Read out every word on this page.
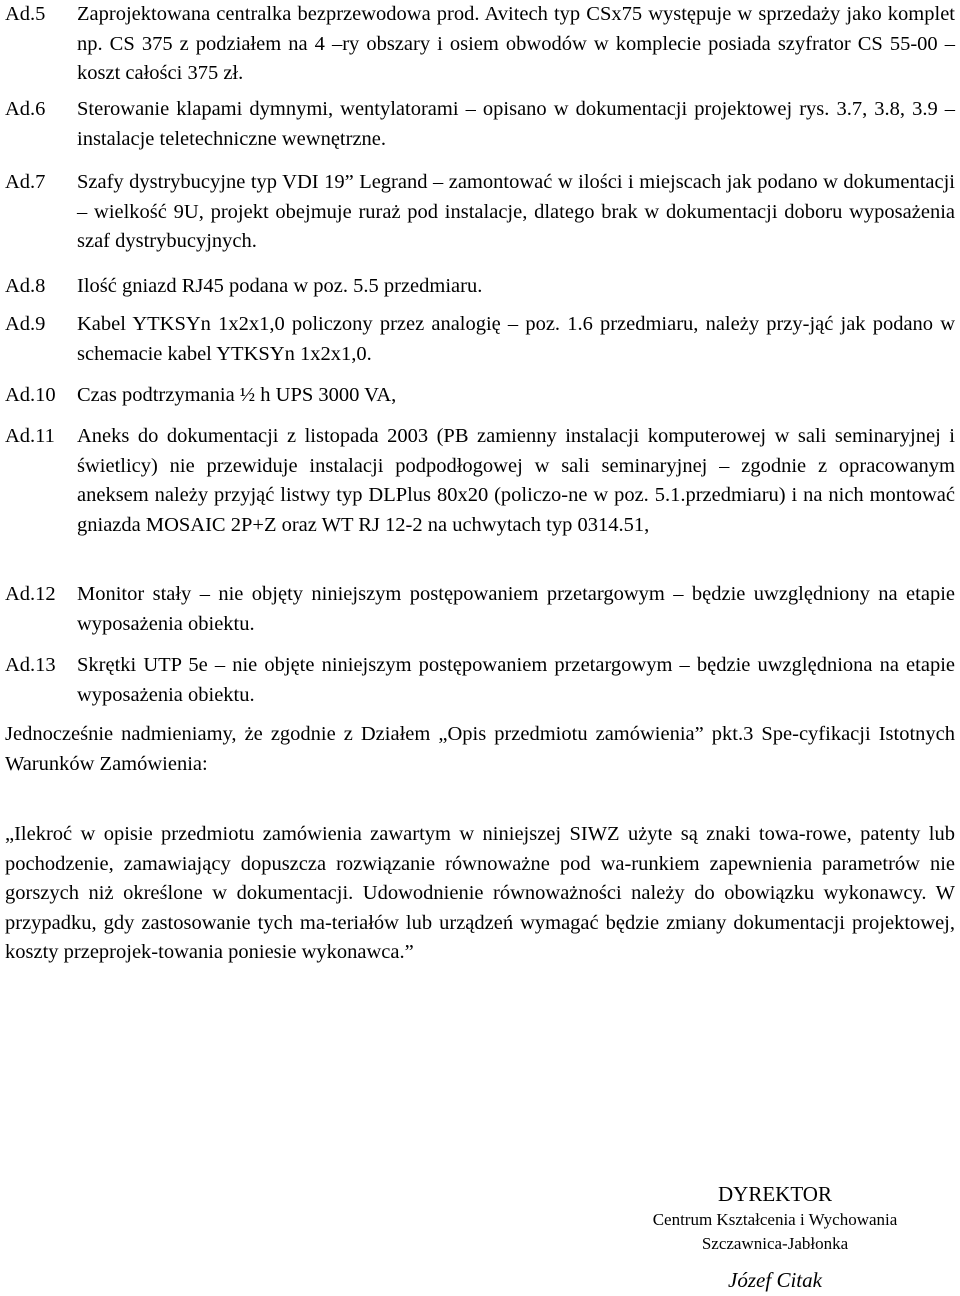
Ad.5	Zaprojektowana centralka bezprzewodowa prod. Avitech typ CSx75 występuje w sprzedaży jako komplet np. CS 375 z podziałem na 4 –ry obszary i osiem obwodów w komplecie posiada szyfrator CS 55-00 – koszt całości 375 zł.
Ad.6	Sterowanie klapami dymnymi, wentylatorami – opisano w dokumentacji projektowej rys. 3.7, 3.8, 3.9 – instalacje teletechniczne wewnętrzne.
Ad.7	Szafy dystrybucyjne typ VDI 19” Legrand – zamontować w ilości i miejscach jak podano w dokumentacji – wielkość 9U, projekt obejmuje ruraż pod instalacje, dlatego brak w dokumentacji doboru wyposażenia szaf dystrybucyjnych.
Ad.8	Ilość gniazd RJ45 podana w poz. 5.5 przedmiaru.
Ad.9	Kabel YTKSYn 1x2x1,0 policzony przez analogię – poz. 1.6 przedmiaru, należy przy-jąć jak podano w schemacie kabel YTKSYn 1x2x1,0.
Ad.10	Czas podtrzymania ½ h UPS 3000 VA,
Ad.11	Aneks do dokumentacji z listopada 2003 (PB zamienny instalacji komputerowej w sali seminaryjnej i świetlicy) nie przewiduje instalacji podpodłogowej w sali seminaryjnej – zgodnie z opracowanym aneksem należy przyjąć listwy typ DLPlus 80x20 (policzo-ne w poz. 5.1.przedmiaru) i na nich montować gniazda MOSAIC 2P+Z oraz WT RJ 12-2 na uchwytach typ 0314.51,
Ad.12	Monitor stały – nie objęty niniejszym postępowaniem przetargowym – będzie uwzględniony na etapie wyposażenia obiektu.
Ad.13	Skrętki UTP 5e – nie objęte niniejszym postępowaniem przetargowym – będzie uwzględniona na etapie wyposażenia obiektu.
Jednocześnie nadmieniamy, że zgodnie z Działem „Opis przedmiotu zamówienia” pkt.3 Spe-cyfikacji Istotnych Warunków Zamówienia:
„Ilekroć w opisie przedmiotu zamówienia zawartym w niniejszej SIWZ użyte są znaki towa-rowe, patenty lub pochodzenie, zamawiający dopuszcza rozwiązanie równoważne pod wa-runkiem zapewnienia parametrów nie gorszych niż określone w dokumentacji. Udowodnienie równoważności należy do obowiązku wykonawcy. W przypadku, gdy zastosowanie tych ma-teriałów lub urządzeń wymagać będzie zmiany dokumentacji projektowej, koszty przeprojek-towania poniesie wykonawca.”
DYREKTOR
Centrum Kształcenia i Wychowania
Szczawnica-Jabłonka
Józef Citak
